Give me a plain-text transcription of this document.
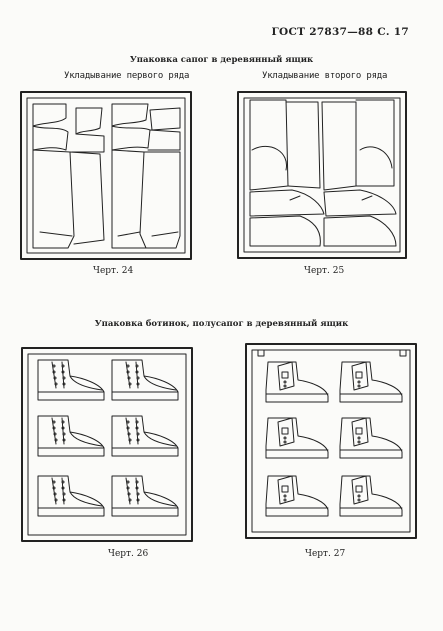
ГОСТ 27837—88 С. 17
Упаковка сапог в деревянный ящик
Укладывание первого ряда	Укладывание второго ряда
Черт. 24	Черт. 25
Упаковка ботинок, полусапог в деревянный ящик
Черт. 26	Черт. 27
